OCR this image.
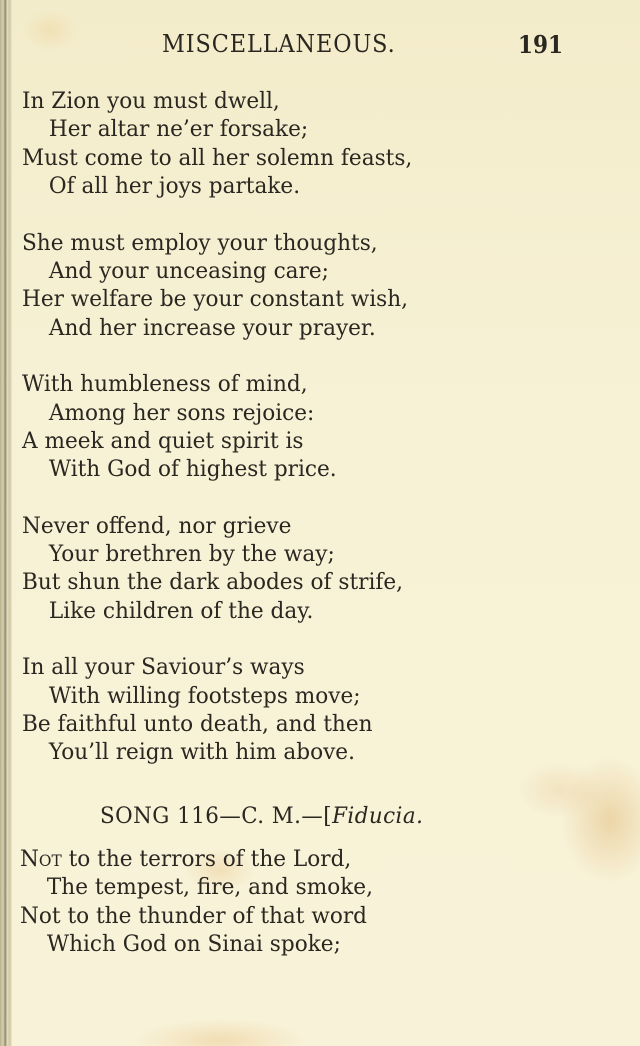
MISCELLANEOUS.	191
In Zion you must dwell,
Her altar ne’er forsake;
Must come to all her solemn feasts,
Of all her joys partake.
She must employ your thoughts,
And your unceasing care;
Her welfare be your constant wish,
And her increase your prayer.
With humbleness of mind,
Among her sons rejoice:
A meek and quiet spirit is
With God of highest price.
Never offend, nor grieve
Your brethren by the way;
But shun the dark abodes of strife,
Like children of the day.
In all your Saviour’s ways
With willing footsteps move;
Be faithful unto death, and then
You’ll reign with him above.
SONG 116—C. M.—[Fiducia.
Not to the terrors of the Lord,
The tempest, fire, and smoke,
Not to the thunder of that word
Which God on Sinai spoke;
